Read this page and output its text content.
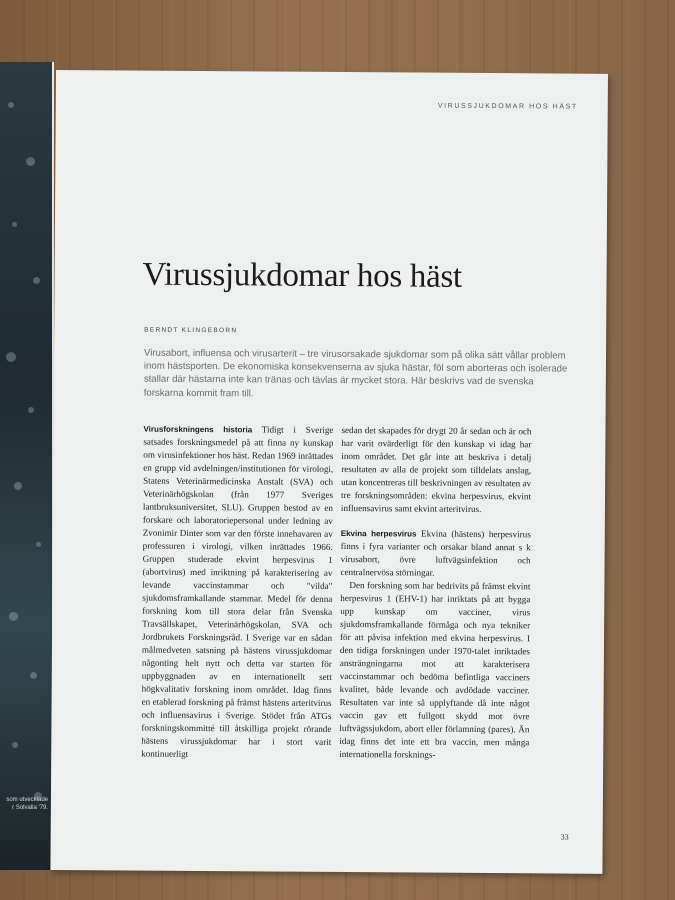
som utvecklade
r Solvalla '79.
VIRUSSJUKDOMAR HOS HÄST
Virussjukdomar hos häst
BERNDT KLINGEBORN

Virusabort, influensa och virusarterit – tre virusorsakade sjukdomar som på olika sätt vållar problem inom hästsporten. De ekonomiska konsekvenserna av sjuka hästar, föl som aborteras och isolerade stallar där hästarna inte kan tränas och tävlas är mycket stora. Här beskrivs vad de svenska forskarna kommit fram till.

Virusforskningens historia Tidigt i Sverige satsades forskningsmedel på att finna ny kunskap om virusinfektioner hos häst. Redan 1969 inrättades en grupp vid avdelningen/institutionen för virologi, Statens Veterinärmedicinska Anstalt (SVA) och Veterinärhögskolan (från 1977 Sveriges lantbruksuniversitet, SLU). Gruppen bestod av en forskare och laboratoriepersonal under ledning av Zvonimir Dinter som var den förste innehavaren av professuren i virologi, vilken inrättades 1966. Gruppen studerade ekvint herpesvirus 1 (abortvirus) med inriktning på karakterisering av levande vaccinstammar och "vilda" sjukdomsframkallande stammar. Medel för denna forskning kom till stora delar från Svenska Travsällskapet, Veterinärhögskolan, SVA och Jordbrukets Forskningsråd. I Sverige var en sådan målmedveten satsning på hästens virussjukdomar någonting helt nytt och detta var starten för uppbyggnaden av en internationellt sett högkvalitativ forskning inom området. Idag finns en etablerad forskning på främst hästens arteritvirus och influensavirus i Sverige. Stödet från ATGs forskningskommitté till åtskilliga projekt rörande hästens virussjukdomar har i stort varit kontinuerligt

sedan det skapades för drygt 20 år sedan och är och har varit ovärderligt för den kunskap vi idag har inom området. Det går inte att beskriva i detalj resultaten av alla de projekt som tilldelats anslag, utan koncentreras till beskrivningen av resultaten av tre forskningsområden: ekvina herpesvirus, ekvint influensavirus samt ekvint arteritvirus.

Ekvina herpesvirus Ekvina (hästens) herpesvirus finns i fyra varianter och orsakar bland annat s k virusabort, övre luftvägsinfektion och centralnervösa störningar.

Den forskning som har bedrivits på främst ekvint herpesvirus 1 (EHV-1) har inriktats på att bygga upp kunskap om vacciner, virus sjukdomsframkallande förmåga och nya tekniker för att påvisa infektion med ekvina herpesvirus. I den tidiga forskningen under 1970-talet inriktades ansträngningarna mot att karakterisera vaccinstammar och bedöma befintliga vacciners kvalitet, både levande och avdödade vacciner. Resultaten var inte så upplyftande då inte något vaccin gav ett fullgott skydd mot övre luftvägssjukdom, abort eller förlamning (pares). Än idag finns det inte ett bra vaccin, men många internationella forsknings-

33
